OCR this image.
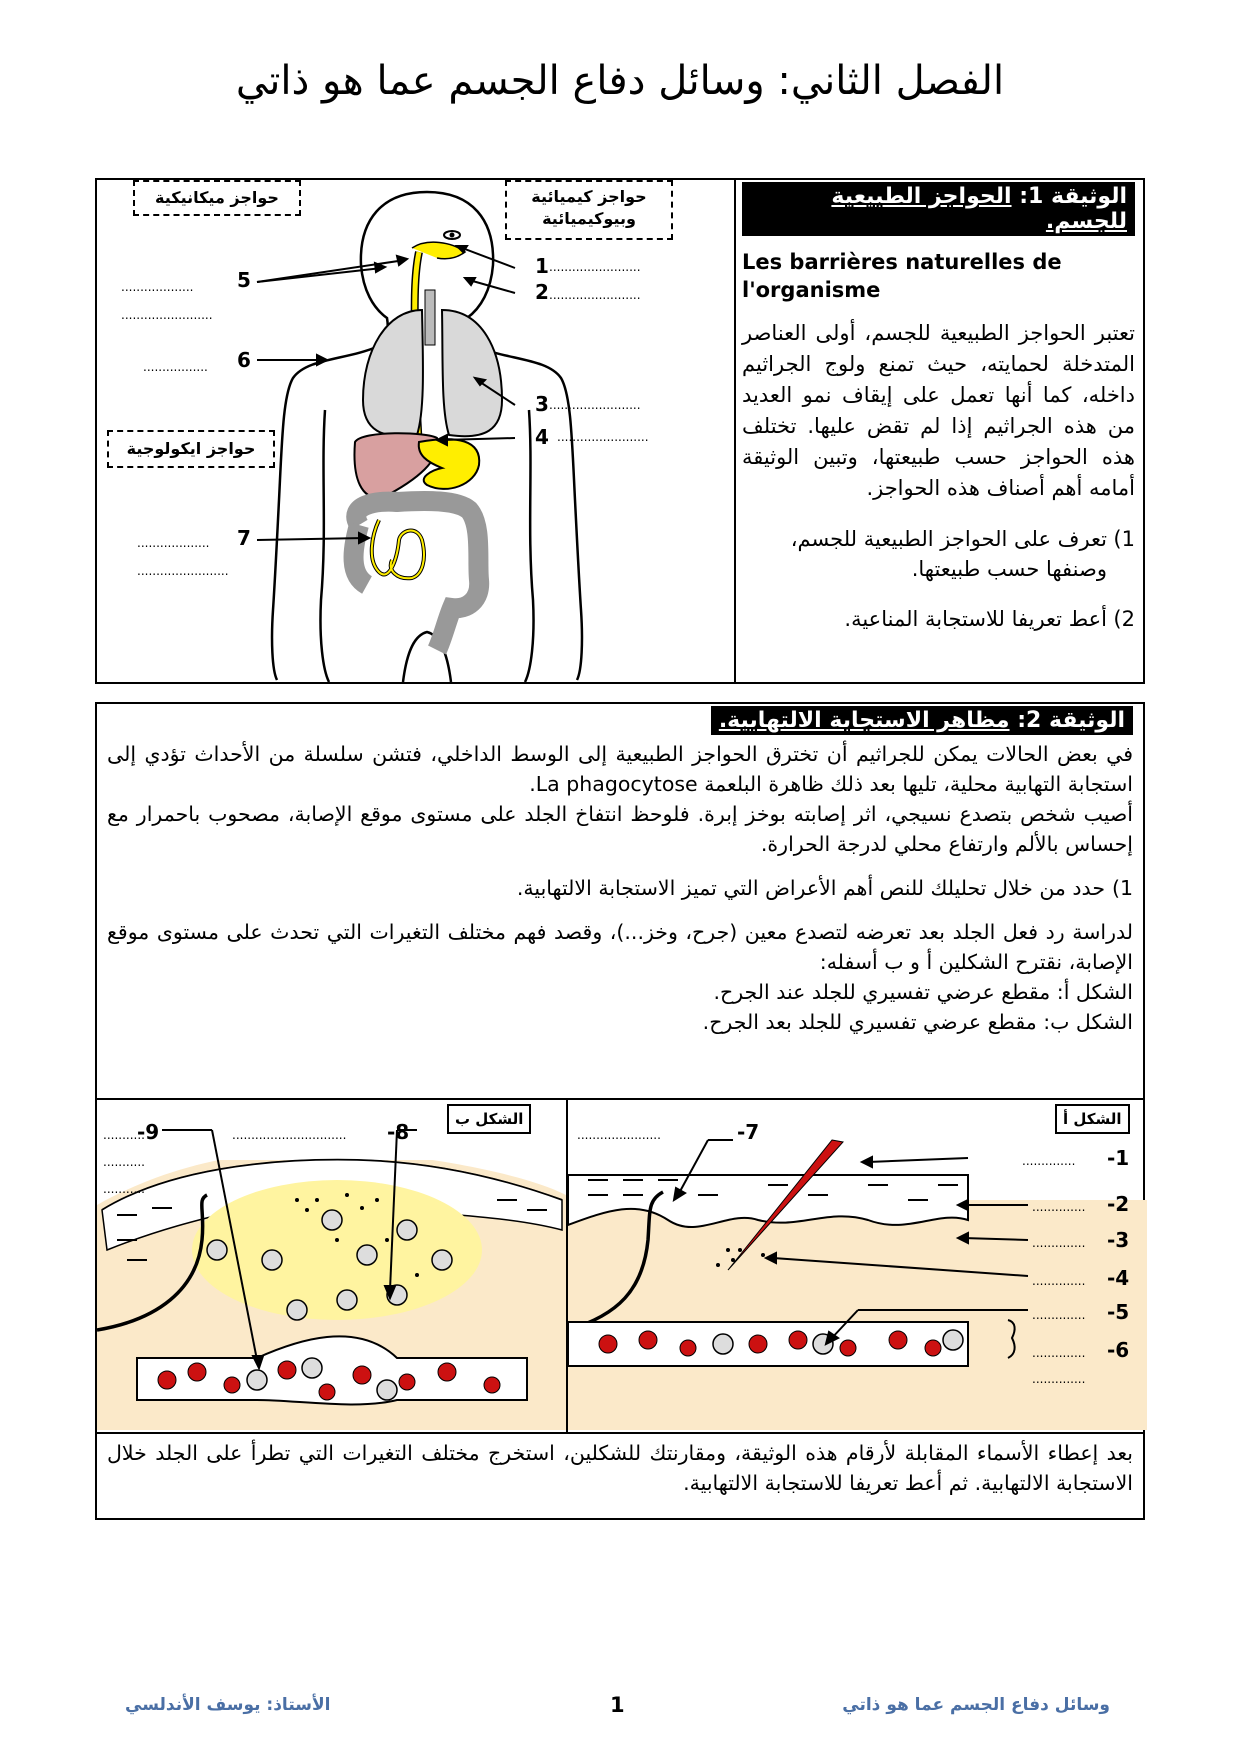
الفصل الثاني: وسائل دفاع الجسم عما هو ذاتي
حواجز ميكانيكية	حواجز كيميائية وبيوكيميائية
حواجز ايكولوجية
1
2
3
4
5
6
7
........................
........................
........................
........................
...................
........................
.................
...................
........................
الوثيقة 1: الحواجز الطبيعية للجسم.
Les barrières naturelles de l'organisme

تعتبر الحواجز الطبيعية للجسم، أولى العناصر المتدخلة لحمايته، حيث تمنع ولوج الجراثيم داخله، كما أنها تعمل على إيقاف نمو العديد من هذه الجراثيم إذا لم تقض عليها. تختلف هذه الحواجز حسب طبيعتها، وتبين الوثيقة أمامه أهم أصناف هذه الحواجز.

1)
تعرف على الحواجز الطبيعية للجسم، وصنفها حسب طبيعتها.
2)
أعط تعريفا للاستجابة المناعية.
الوثيقة 2: مظاهر الاستجابة الالتهابية.

في بعض الحالات يمكن للجراثيم أن تخترق الحواجز الطبيعية إلى الوسط الداخلي، فتشن سلسلة من الأحداث تؤدي إلى استجابة التهابية محلية، تليها بعد ذلك ظاهرة البلعمة La phagocytose.

أصيب شخص بتصدع نسيجي، اثر إصابته بوخز إبرة. فلوحظ انتفاخ الجلد على مستوى موقع الإصابة، مصحوب باحمرار مع إحساس بالألم وارتفاع محلي لدرجة الحرارة.

1)
حدد من خلال تحليلك للنص أهم الأعراض التي تميز الاستجابة الالتهابية.

لدراسة رد فعل الجلد بعد تعرضه لتصدع معين (جرح، وخز...)، وقصد فهم مختلف التغيرات التي تحدث على مستوى موقع الإصابة، نقترح الشكلين أ و ب أسفله:

الشكل أ: مقطع عرضي تفسيري للجلد عند الجرح.

الشكل ب: مقطع عرضي تفسيري للجلد بعد الجرح.

الشكل ب
-9	-8
...........
...........
...........
..............................
الشكل أ
-1
-2
-3
-4
-5
-6
-7
..............
..............
..............
..............
..............
..............
..............
......................

بعد إعطاء الأسماء المقابلة لأرقام هذه الوثيقة، ومقارنتك للشكلين، استخرج مختلف التغيرات التي تطرأ على الجلد خلال الاستجابة الالتهابية. ثم أعط تعريفا للاستجابة الالتهابية.

وسائل دفاع الجسم عما هو ذاتي
1
الأستاذ: يوسف الأندلسي
